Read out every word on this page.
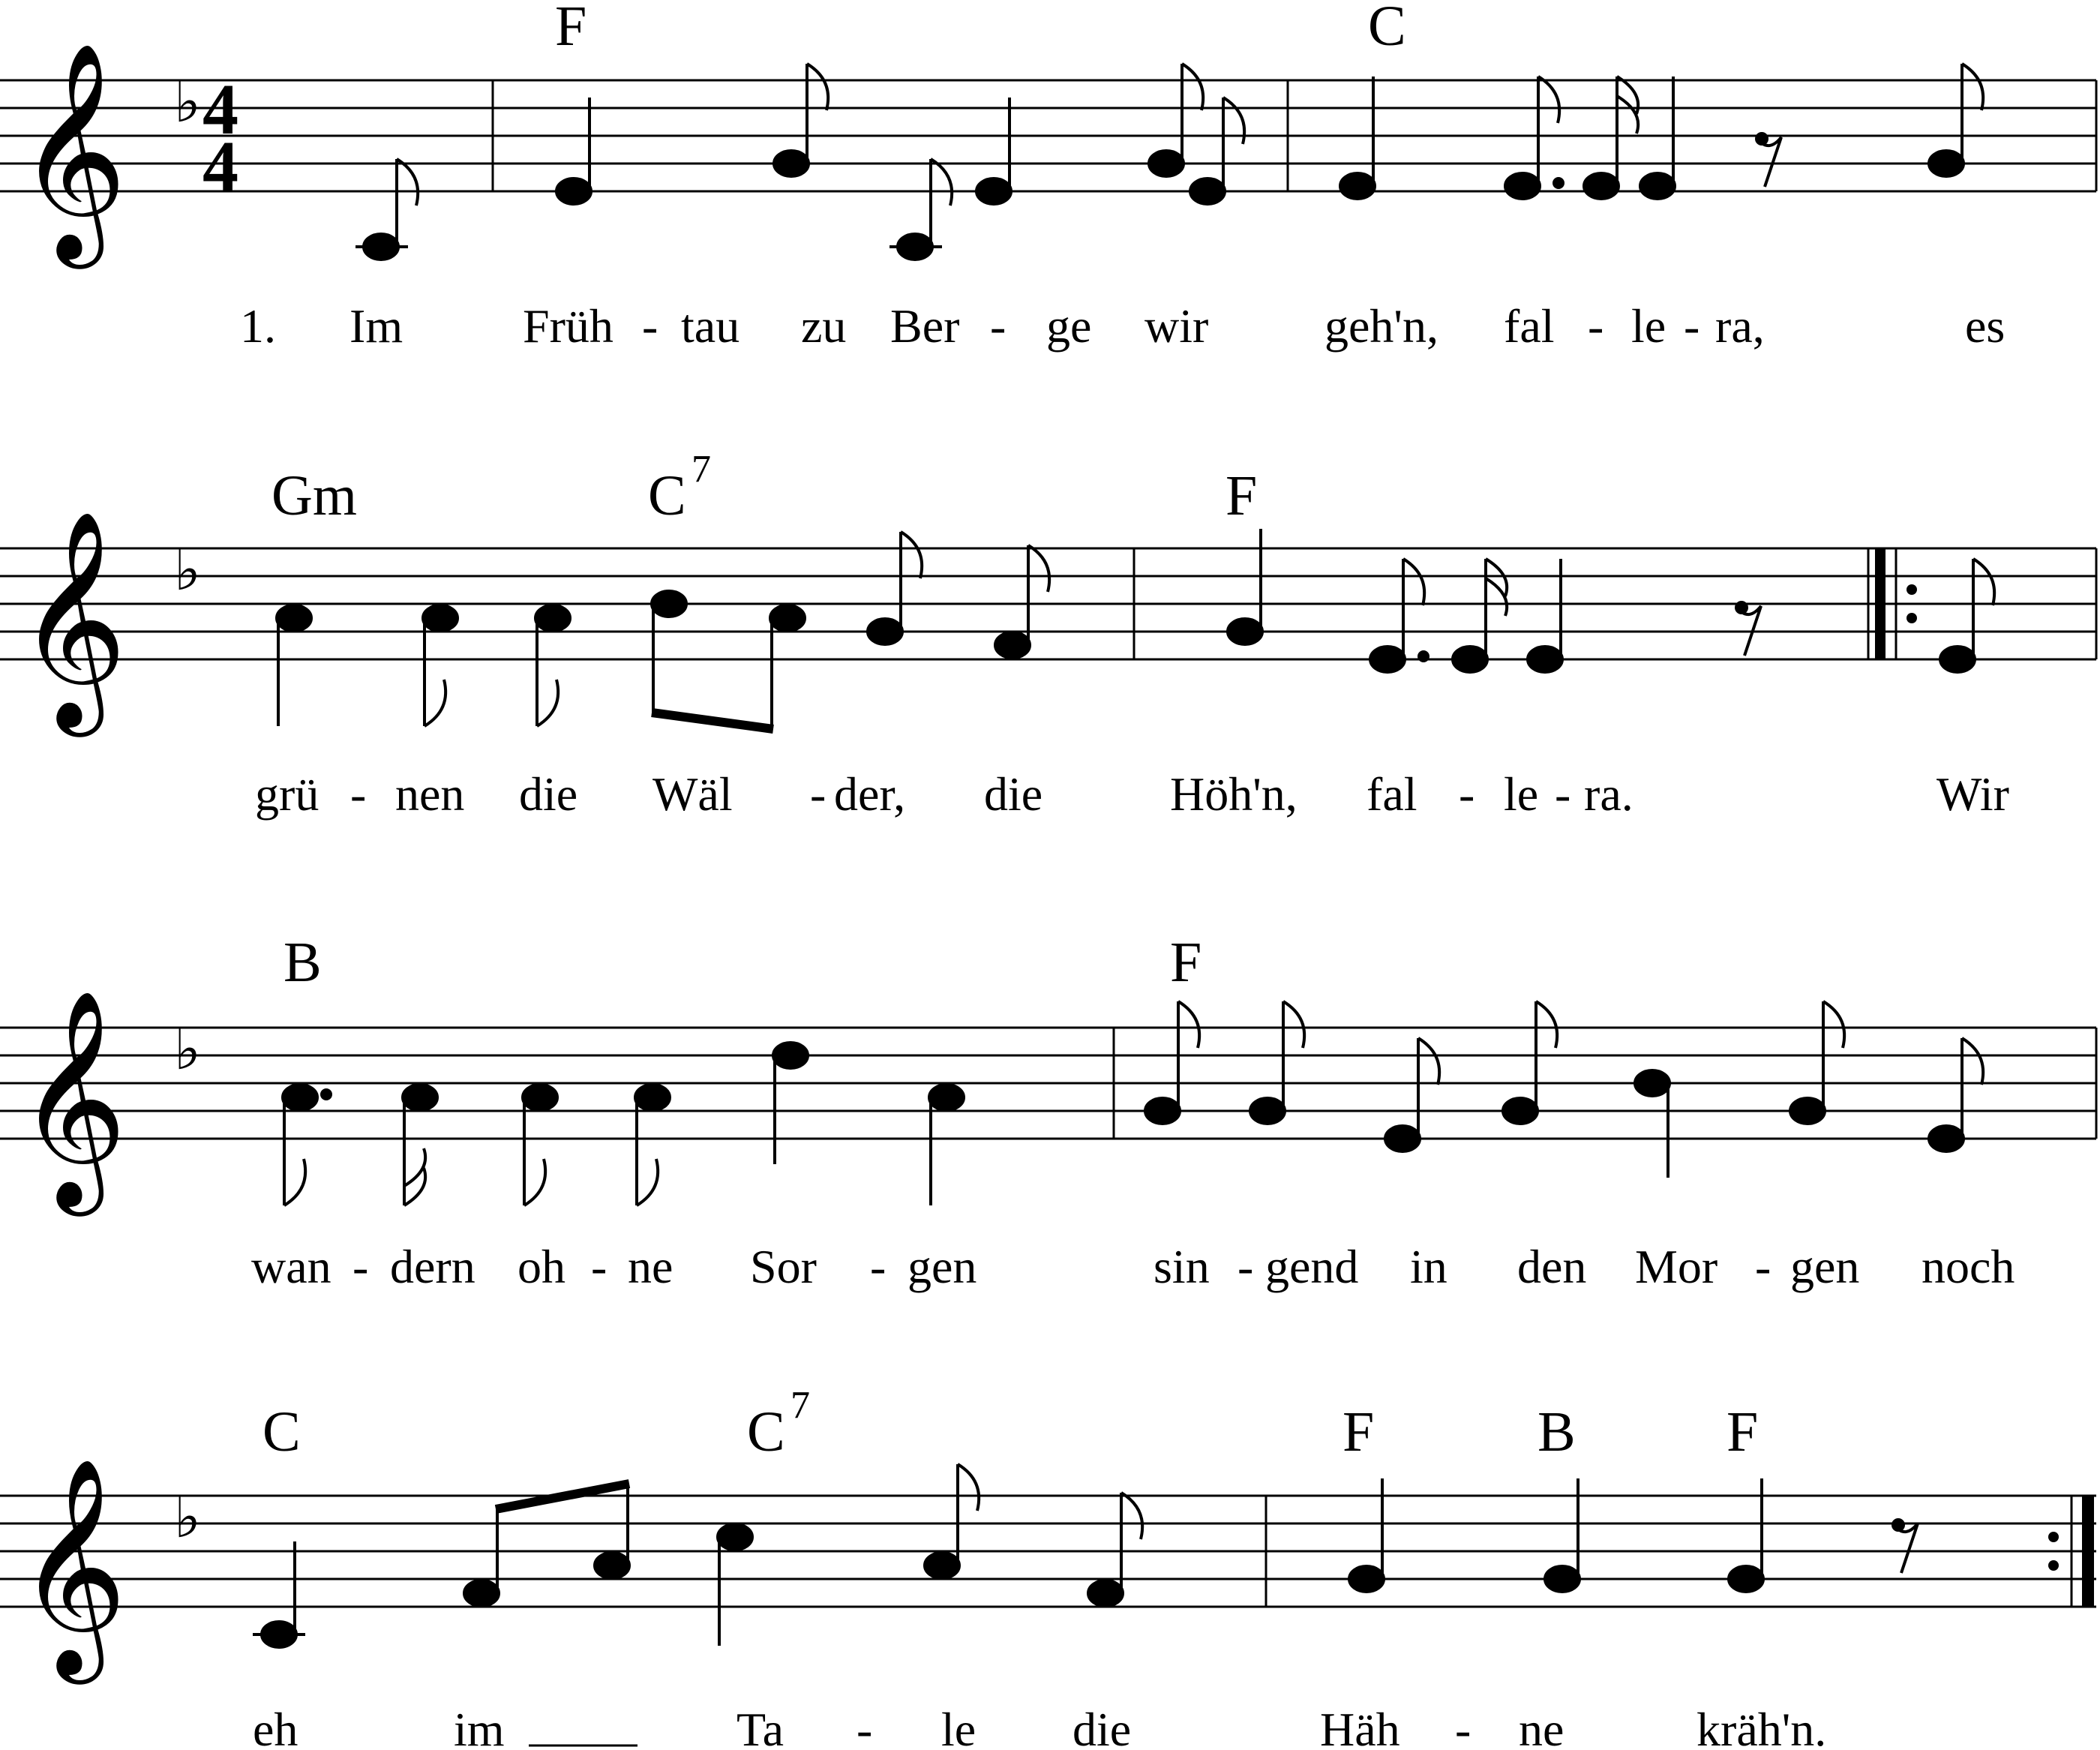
𝄞 ♭ 4
4
F	C
1. Im Früh - tau zu Ber - ge wir geh'n, fal - le - ra,	es
𝄞 ♭
Gm	C 7	F
grü - nen die Wäl - der, die	Höh'n, fal - le - ra.	Wir
𝄞 ♭
B	F
wan - dern oh - ne Sor - gen	sin - gend in den Mor - gen noch
𝄞 ♭
C	C 7	F	B	F
eh	im	Ta - le die	Häh - ne	kräh'n.
